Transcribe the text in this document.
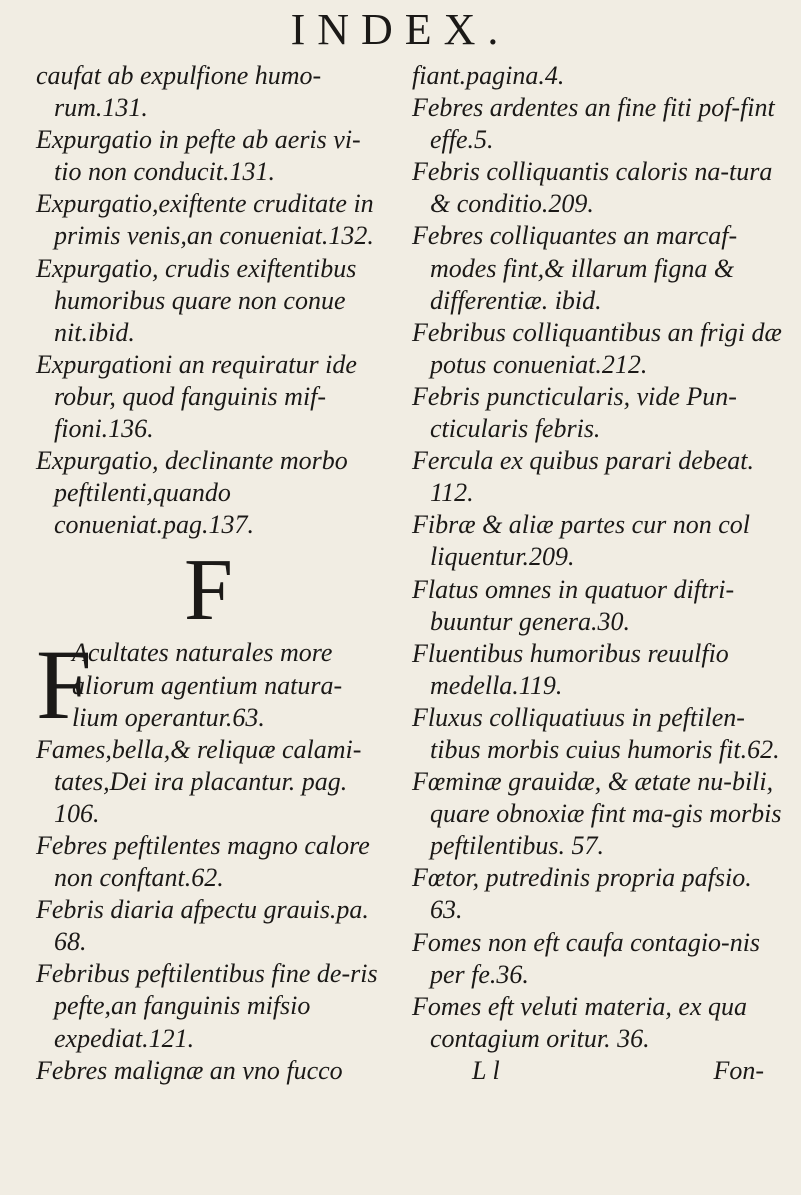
INDEX.

caufat ab expulfione humo-rum.131.

Expurgatio in pefte ab aeris vi-tio non conducit.131.

Expurgatio,exiftente cruditate in primis venis,an conueniat.132.

Expurgatio, crudis exiftentibus humoribus quare non conue nit.ibid.

Expurgationi an requiratur ide robur, quod fanguinis mif-fioni.136.

Expurgatio, declinante morbo peftilenti,quando conueniat.pag.137.

F

F
Acultates naturales more aliorum agentium natura-lium operantur.63.

Fames,bella,& reliquæ calami-tates,Dei ira placantur. pag. 106.

Febres peftilentes magno calore non conftant.62.

Febris diaria afpectu grauis.pa. 68.

Febribus peftilentibus fine de-ris pefte,an fanguinis mifsio expediat.121.

Febres malignæ an vno fucco

fiant.pagina.4.

Febres ardentes an fine fiti pof-fint effe.5.

Febris colliquantis caloris na-tura & conditio.209.

Febres colliquantes an marcaf-modes fint,& illarum figna & differentiæ. ibid.

Febribus colliquantibus an frigi dæ potus conueniat.212.

Febris puncticularis, vide Pun-cticularis febris.

Fercula ex quibus parari debeat. 112.

Fibræ & aliæ partes cur non col liquentur.209.

Flatus omnes in quatuor diftri-buuntur genera.30.

Fluentibus humoribus reuulfio medella.119.

Fluxus colliquatiuus in peftilen-tibus morbis cuius humoris fit.62.

Fœminæ grauidæ, & ætate nu-bili, quare obnoxiæ fint ma-gis morbis peftilentibus. 57.

Fœtor, putredinis propria pafsio. 63.

Fomes non eft caufa contagio-nis per fe.36.

Fomes eft veluti materia, ex qua contagium oritur. 36.

L l	Fon-
